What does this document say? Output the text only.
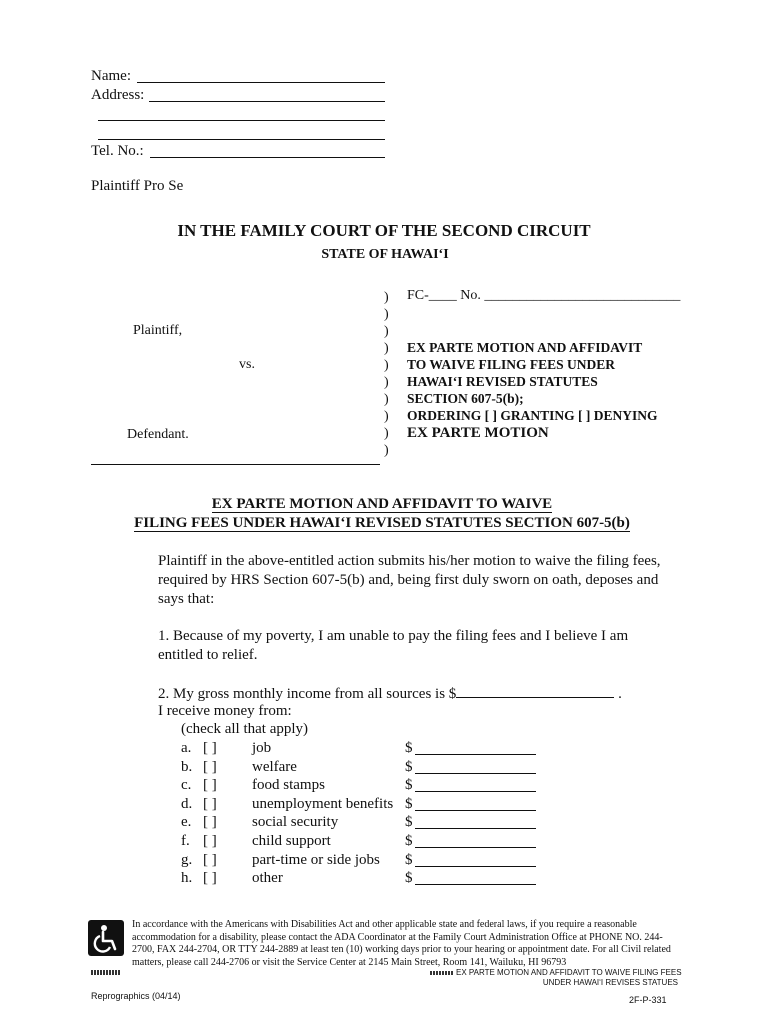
Name:
Address:
Tel. No.:
Plaintiff Pro Se
IN THE FAMILY COURT OF THE SECOND CIRCUIT
STATE OF HAWAI‘I
Plaintiff,
vs.
Defendant.
)
)
)
)
)
)
)
)
)
)
FC-____ No. ____________________________
EX PARTE MOTION AND AFFIDAVIT
TO WAIVE FILING FEES UNDER
HAWAI‘I REVISED STATUTES
SECTION 607-5(b);
ORDERING [ ] GRANTING [ ] DENYING
EX PARTE MOTION
EX PARTE MOTION AND AFFIDAVIT TO WAIVE
FILING FEES UNDER HAWAI‘I REVISED STATUTES SECTION 607-5(b)
Plaintiff in the above-entitled action submits his/her motion to waive the filing fees,
required by HRS Section 607-5(b) and, being first duly sworn on oath, deposes and
says that:
1. Because of my poverty, I am unable to pay the filing fees and I believe I am
entitled to relief.
2. My gross monthly income from all sources is $	.
I receive money from:
(check all that apply)
a. [ ] job	$
b. [ ] welfare	$
c. [ ] food stamps	$
d. [ ] unemployment benefits $
e. [ ] social security	$
f. [ ] child support	$
g. [ ] part-time or side jobs $
h. [ ] other	$
In accordance with the Americans with Disabilities Act and other applicable state and federal laws, if you require a reasonable accommodation for a disability, please contact the ADA Coordinator at the Family Court Administration Office at PHONE NO. 244-2700, FAX 244-2704, OR TTY 244-2889 at least ten (10) working days prior to your hearing or appointment date. For all Civil related matters, please call 244-2706 or visit the Service Center at 2145 Main Street, Room 141, Wailuku, HI 96793
EX PARTE MOTION AND AFFIDAVIT TO WAIVE FILING FEES
UNDER HAWAI‘I REVISES STATUES
Reprographics (04/14)	2F-P-331
